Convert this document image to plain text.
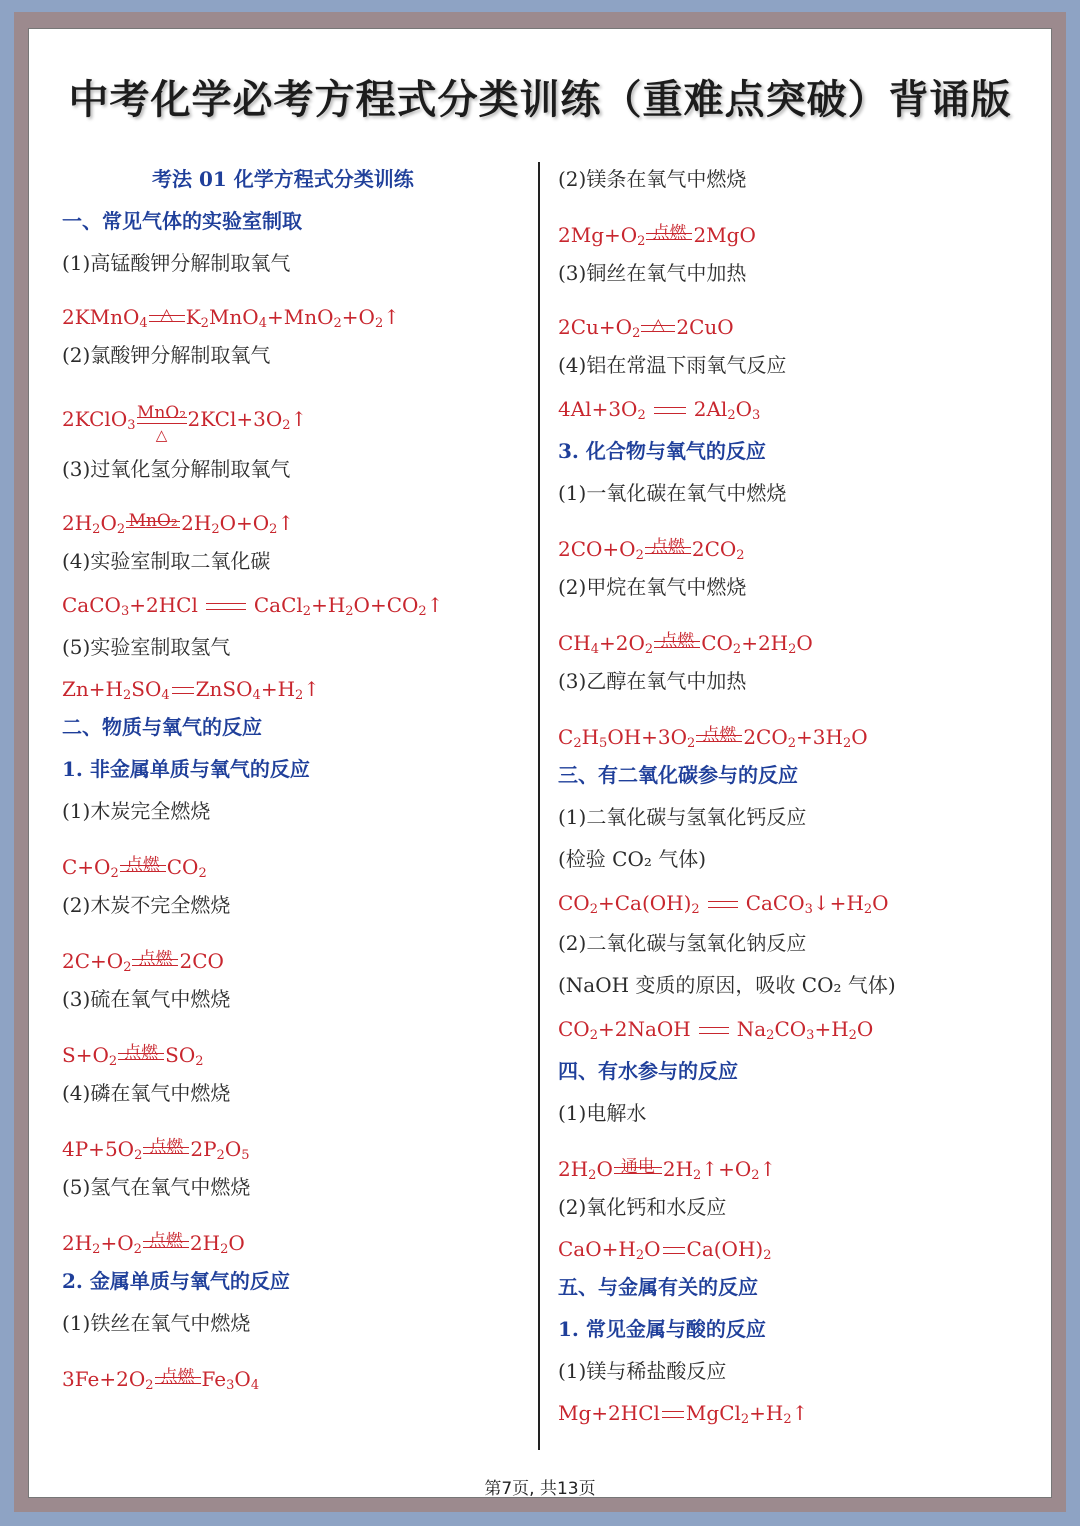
中考化学必考方程式分类训练（重难点突破）背诵版
考法 01 化学方程式分类训练
一、常见气体的实验室制取
(1)高锰酸钾分解制取氧气
2KMnO$_4$ △ $K_2MnO_4+MnO_2+O_2↑$
(2)氯酸钾分解制取氧气
2KClO$_3$
MnO₂
△
$2KCl+3O_2↑$
(3)过氧化氢分解制取氧气
$2H_2O_2$ MnO₂ $2H_2O+O_2↑$
(4)实验室制取二氧化碳
CaCO$_3$+2HCl	$CaCl_2+H_2O+CO_2↑$
(5)实验室制取氢气
$Zn+H_2SO_4$ $ZnSO_4+H_2↑$
二、物质与氧气的反应
1. 非金属单质与氧气的反应
(1)木炭完全燃烧
$C+O_2$ 点燃 $CO_2$
(2)木炭不完全燃烧
$2C+O_2$ 点燃 2CO
(3)硫在氧气中燃烧
$S+O_2$ 点燃 $SO_2$
(4)磷在氧气中燃烧
$4P+5O_2$ 点燃 $2P_2O_5$
(5)氢气在氧气中燃烧
$2H_2+O_2$ 点燃 $2H_2O$
2. 金属单质与氧气的反应
(1)铁丝在氧气中燃烧
$3Fe+2O_2$ 点燃 $Fe_3O_4$
(2)镁条在氧气中燃烧
$2Mg+O_2$ 点燃 2MgO
(3)铜丝在氧气中加热
$2Cu+O_2$ △ 2CuO
(4)铝在常温下雨氧气反应
$4Al+3O_2$ $2Al_2O_3$
3. 化合物与氧气的反应
(1)一氧化碳在氧气中燃烧
$2CO+O_2$ 点燃 $2CO_2$
(2)甲烷在氧气中燃烧
$CH_4+2O_2$ 点燃 $CO_2+2H_2O$
(3)乙醇在氧气中加热
$C_2H_5OH+3O_2$ 点燃 $2CO_2+3H_2O$
三、有二氧化碳参与的反应
(1)二氧化碳与氢氧化钙反应
(检验 CO₂ 气体)
$CO_2+Ca(OH)_2$ $CaCO_3↓+H_2O$
(2)二氧化碳与氢氧化钠反应
(NaOH 变质的原因，吸收 CO₂ 气体)
$CO_2+2NaOH$ $Na_2CO_3+H_2O$
四、有水参与的反应
(1)电解水
$2H_2O$ 通电 $2H_2↑+O_2↑$
(2)氧化钙和水反应
$CaO+H_2O$ $Ca(OH)_2$
五、与金属有关的反应
1. 常见金属与酸的反应
(1)镁与稀盐酸反应
Mg+2HCl $MgCl_2+H_2↑$
第7页, 共13页
